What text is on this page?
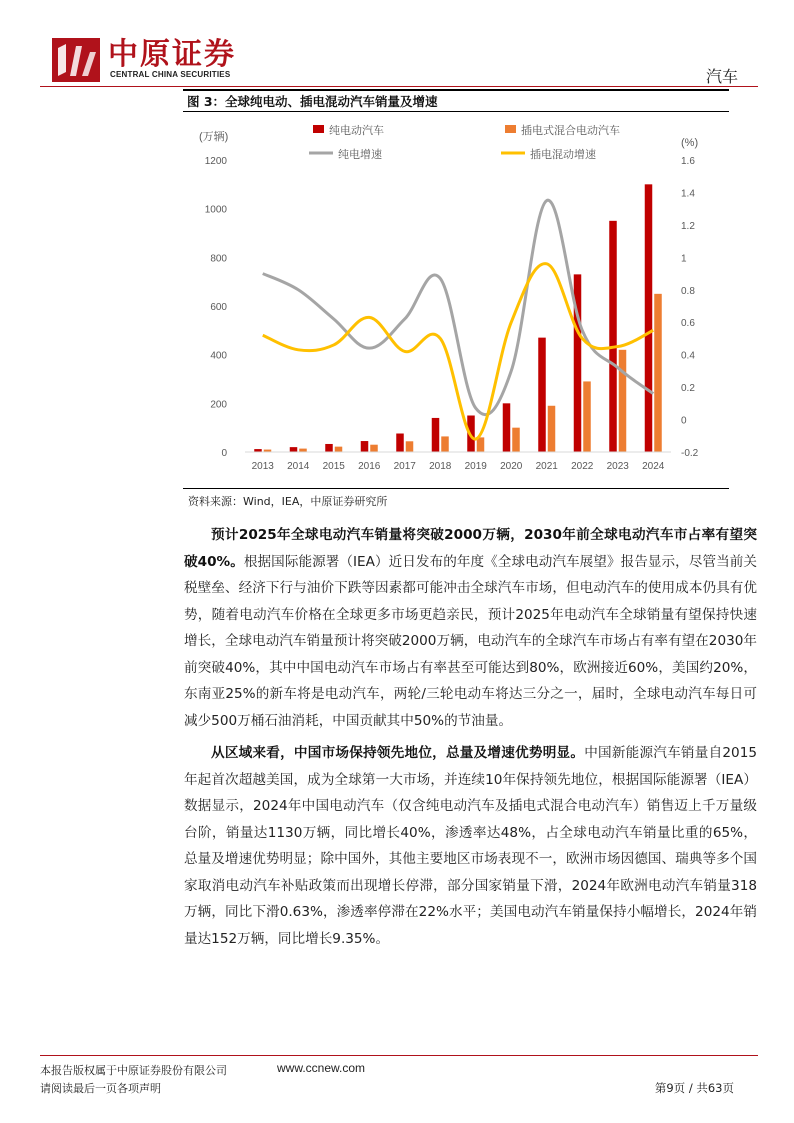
中原证券
CENTRAL CHINA SECURITIES	汽车
图 3：全球纯电动、插电混动汽车销量及增速
0
200
400
600
800
1000
1200
(万辆)
-0.2
0
0.2
0.4
0.6
0.8
1
1.2
1.4
1.6
(%)
2013 2014 2015 2016 2017 2018 2019 2020 2021 2022 2023 2024
纯电动汽车	插电式混合电动汽车
纯电增速	插电混动增速
资料来源：Wind，IEA，中原证券研究所
预计2025年全球电动汽车销量将突破2000万辆，2030年前全球电动汽车市占率有望突破40%。根据国际能源署（IEA）近日发布的年度《全球电动汽车展望》报告显示，尽管当前关税壁垒、经济下行与油价下跌等因素都可能冲击全球汽车市场，但电动汽车的使用成本仍具有优势，随着电动汽车价格在全球更多市场更趋亲民，预计2025年电动汽车全球销量有望保持快速增长，全球电动汽车销量预计将突破2000万辆，电动汽车的全球汽车市场占有率有望在2030年前突破40%，其中中国电动汽车市场占有率甚至可能达到80%，欧洲接近60%，美国约20%，东南亚25%的新车将是电动汽车，两轮/三轮电动车将达三分之一，届时，全球电动汽车每日可减少500万桶石油消耗，中国贡献其中50%的节油量。
从区域来看，中国市场保持领先地位，总量及增速优势明显。中国新能源汽车销量自2015年起首次超越美国，成为全球第一大市场，并连续10年保持领先地位，根据国际能源署（IEA）数据显示，2024年中国电动汽车（仅含纯电动汽车及插电式混合电动汽车）销售迈上千万量级台阶，销量达1130万辆，同比增长40%，渗透率达48%，占全球电动汽车销量比重的65%，总量及增速优势明显；除中国外，其他主要地区市场表现不一，欧洲市场因德国、瑞典等多个国家取消电动汽车补贴政策而出现增长停滞，部分国家销量下滑，2024年欧洲电动汽车销量318万辆，同比下滑0.63%，渗透率停滞在22%水平；美国电动汽车销量保持小幅增长，2024年销量达152万辆，同比增长9.35%。
本报告版权属于中原证券股份有限公司	www.ccnew.com
请阅读最后一页各项声明	第9页 / 共63页
